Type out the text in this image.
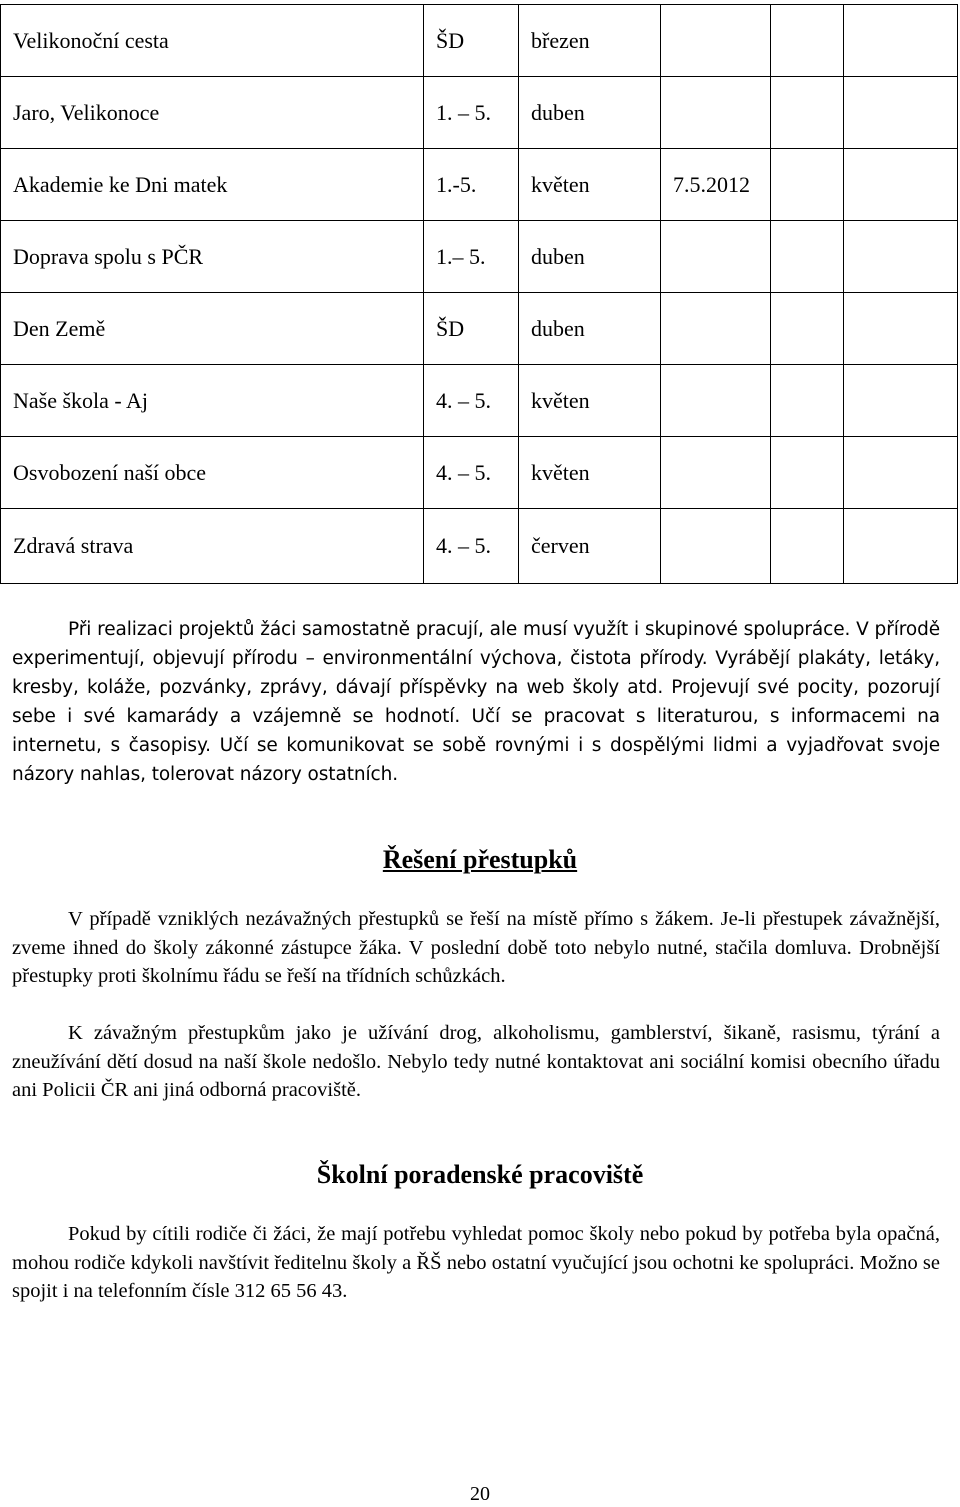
Velikonoční cesta	ŠD	březen			
Jaro, Velikonoce	1. – 5.	duben			
Akademie ke Dni matek	1.-5.	květen	7.5.2012		
Doprava spolu s PČR	1.– 5.	duben			
Den Země	ŠD	duben			
Naše škola - Aj	4. – 5.	květen			
Osvobození naší obce	4. – 5.	květen			
Zdravá strava	4. – 5.	červen			

Při realizaci projektů žáci samostatně pracují, ale musí využít i skupinové spolupráce. V přírodě experimentují, objevují přírodu – environmentální výchova, čistota přírody. Vyrábějí plakáty, letáky, kresby, koláže, pozvánky, zprávy, dávají příspěvky na web školy atd. Projevují své pocity, pozorují sebe i své kamarády a vzájemně se hodnotí. Učí se pracovat s literaturou, s informacemi na internetu, s časopisy. Učí se komunikovat se sobě rovnými i s dospělými lidmi a vyjadřovat svoje názory nahlas, tolerovat názory ostatních.

Řešení přestupků

V případě vzniklých nezávažných přestupků se řeší na místě přímo s žákem. Je-li přestupek závažnější, zveme ihned do školy zákonné zástupce žáka. V poslední době toto nebylo nutné, stačila domluva. Drobnější přestupky proti školnímu řádu se řeší na třídních schůzkách.

K závažným přestupkům jako je užívání drog, alkoholismu, gamblerství, šikaně, rasismu, týrání a zneužívání dětí dosud na naší škole nedošlo. Nebylo tedy nutné kontaktovat ani sociální komisi obecního úřadu ani Policii ČR ani jiná odborná pracoviště.

Školní poradenské pracoviště

Pokud by cítili rodiče či žáci, že mají potřebu vyhledat pomoc školy nebo pokud by potřeba byla opačná, mohou rodiče kdykoli navštívit ředitelnu školy a ŘŠ nebo ostatní vyučující jsou ochotni ke spolupráci. Možno se spojit i na telefonním čísle 312 65 56 43.

20
